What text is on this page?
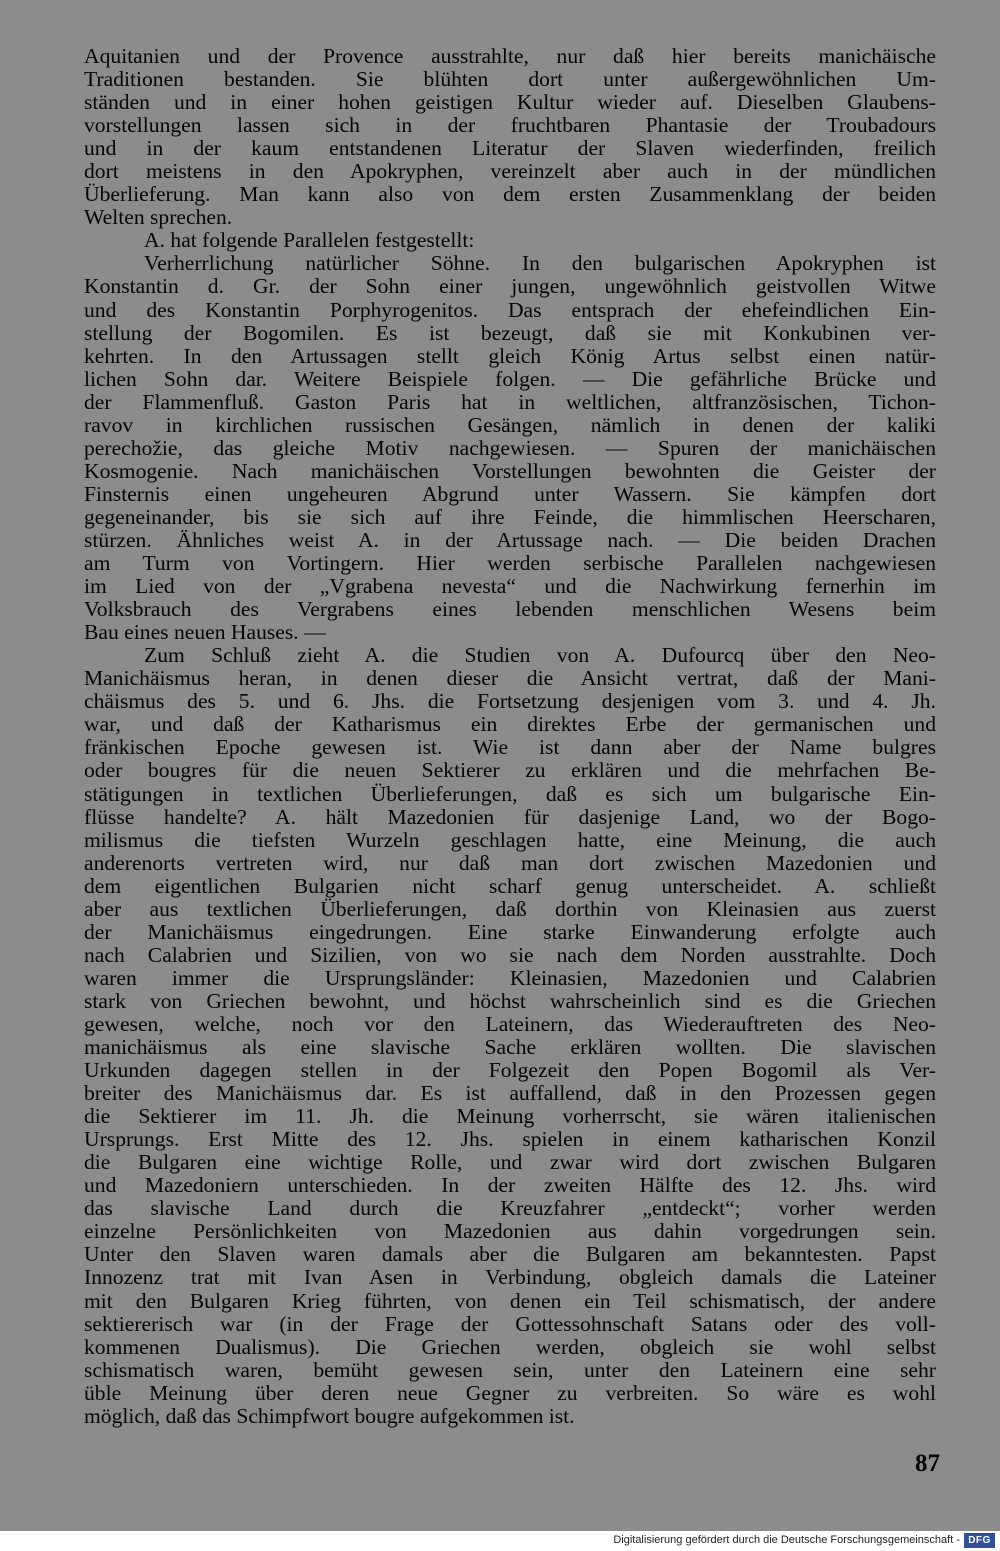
Aquitanien und der Provence ausstrahlte, nur daß hier bereits manichäische
Traditionen bestanden. Sie blühten dort unter außergewöhnlichen Um-
ständen und in einer hohen geistigen Kultur wieder auf. Dieselben Glaubens-
vorstellungen lassen sich in der fruchtbaren Phantasie der Troubadours
und in der kaum entstandenen Literatur der Slaven wiederfinden, freilich
dort meistens in den Apokryphen, vereinzelt aber auch in der mündlichen
Überlieferung. Man kann also von dem ersten Zusammenklang der beiden
Welten sprechen.
A. hat folgende Parallelen festgestellt:
Verherrlichung natürlicher Söhne. In den bulgarischen Apokryphen ist
Konstantin d. Gr. der Sohn einer jungen, ungewöhnlich geistvollen Witwe
und des Konstantin Porphyrogenitos. Das entsprach der ehefeindlichen Ein-
stellung der Bogomilen. Es ist bezeugt, daß sie mit Konkubinen ver-
kehrten. In den Artussagen stellt gleich König Artus selbst einen natür-
lichen Sohn dar. Weitere Beispiele folgen. — Die gefährliche Brücke und
der Flammenfluß. Gaston Paris hat in weltlichen, altfranzösischen, Tichon-
ravov in kirchlichen russischen Gesängen, nämlich in denen der kaliki
perechožie, das gleiche Motiv nachgewiesen. — Spuren der manichäischen
Kosmogenie. Nach manichäischen Vorstellungen bewohnten die Geister der
Finsternis einen ungeheuren Abgrund unter Wassern. Sie kämpfen dort
gegeneinander, bis sie sich auf ihre Feinde, die himmlischen Heerscharen,
stürzen. Ähnliches weist A. in der Artussage nach. — Die beiden Drachen
am Turm von Vortingern. Hier werden serbische Parallelen nachgewiesen
im Lied von der „Vgrabena nevesta“ und die Nachwirkung fernerhin im
Volksbrauch des Vergrabens eines lebenden menschlichen Wesens beim
Bau eines neuen Hauses. —
Zum Schluß zieht A. die Studien von A. Dufourcq über den Neo-
Manichäismus heran, in denen dieser die Ansicht vertrat, daß der Mani-
chäismus des 5. und 6. Jhs. die Fortsetzung desjenigen vom 3. und 4. Jh.
war, und daß der Katharismus ein direktes Erbe der germanischen und
fränkischen Epoche gewesen ist. Wie ist dann aber der Name bulgres
oder bougres für die neuen Sektierer zu erklären und die mehrfachen Be-
stätigungen in textlichen Überlieferungen, daß es sich um bulgarische Ein-
flüsse handelte? A. hält Mazedonien für dasjenige Land, wo der Bogo-
milismus die tiefsten Wurzeln geschlagen hatte, eine Meinung, die auch
anderenorts vertreten wird, nur daß man dort zwischen Mazedonien und
dem eigentlichen Bulgarien nicht scharf genug unterscheidet. A. schließt
aber aus textlichen Überlieferungen, daß dorthin von Kleinasien aus zuerst
der Manichäismus eingedrungen. Eine starke Einwanderung erfolgte auch
nach Calabrien und Sizilien, von wo sie nach dem Norden ausstrahlte. Doch
waren immer die Ursprungsländer: Kleinasien, Mazedonien und Calabrien
stark von Griechen bewohnt, und höchst wahrscheinlich sind es die Griechen
gewesen, welche, noch vor den Lateinern, das Wiederauftreten des Neo-
manichäismus als eine slavische Sache erklären wollten. Die slavischen
Urkunden dagegen stellen in der Folgezeit den Popen Bogomil als Ver-
breiter des Manichäismus dar. Es ist auffallend, daß in den Prozessen gegen
die Sektierer im 11. Jh. die Meinung vorherrscht, sie wären italienischen
Ursprungs. Erst Mitte des 12. Jhs. spielen in einem katharischen Konzil
die Bulgaren eine wichtige Rolle, und zwar wird dort zwischen Bulgaren
und Mazedoniern unterschieden. In der zweiten Hälfte des 12. Jhs. wird
das slavische Land durch die Kreuzfahrer „entdeckt“; vorher werden
einzelne Persönlichkeiten von Mazedonien aus dahin vorgedrungen sein.
Unter den Slaven waren damals aber die Bulgaren am bekanntesten. Papst
Innozenz trat mit Ivan Asen in Verbindung, obgleich damals die Lateiner
mit den Bulgaren Krieg führten, von denen ein Teil schismatisch, der andere
sektiererisch war (in der Frage der Gottessohnschaft Satans oder des voll-
kommenen Dualismus). Die Griechen werden, obgleich sie wohl selbst
schismatisch waren, bemüht gewesen sein, unter den Lateinern eine sehr
üble Meinung über deren neue Gegner zu verbreiten. So wäre es wohl
möglich, daß das Schimpfwort bougre aufgekommen ist.
87
Digitalisierung gefördert durch die Deutsche Forschungsgemeinschaft - DFG
